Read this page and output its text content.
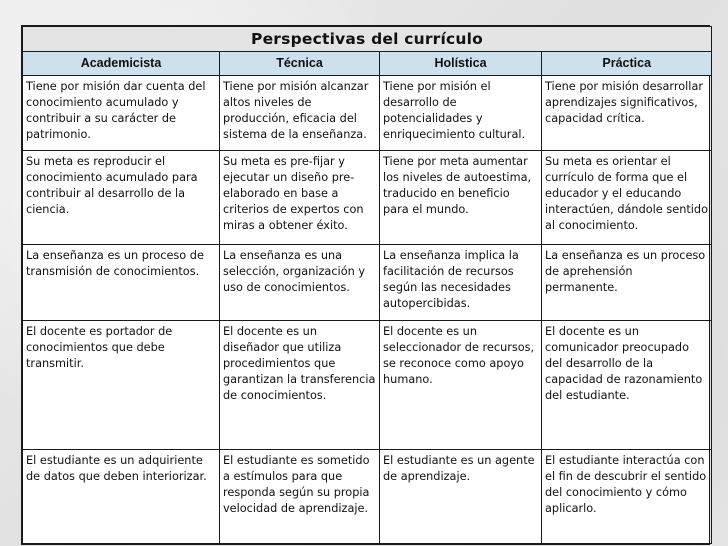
Perspectivas del currículo			
Academicista	Técnica	Holística	Práctica
Tiene por misión dar cuenta del conocimiento acumulado y contribuir a su carácter de patrimonio.	Tiene por misión alcanzar altos niveles de producción, eficacia del sistema de la enseñanza.	Tiene por misión el desarrollo de potencialidades y enriquecimiento cultural.	Tiene por misión desarrollar aprendizajes significativos, capacidad crítica.
Su meta es reproducir el conocimiento acumulado para contribuir al desarrollo de la ciencia.	Su meta es pre-fijar y ejecutar un diseño pre-elaborado en base a criterios de expertos con miras a obtener éxito.	Tiene por meta aumentar los niveles de autoestima, traducido en beneficio para el mundo.	Su meta es orientar el currículo de forma que el educador y el educando interactúen, dándole sentido al conocimiento.
La enseñanza es un proceso de transmisión de conocimientos.	La enseñanza es una selección, organización y uso de conocimientos.	La enseñanza implica la facilitación de recursos según las necesidades autopercibidas.	La enseñanza es un proceso de aprehensión permanente.
El docente es portador de conocimientos que debe transmitir.	El docente es un diseñador que utiliza procedimientos que garantizan la transferencia de conocimientos.	El docente es un seleccionador de recursos, se reconoce como apoyo humano.	El docente es un comunicador preocupado del desarrollo de la capacidad de razonamiento del estudiante.
El estudiante es un adquiriente de datos que deben interiorizar.	El estudiante es sometido a estímulos para que responda según su propia velocidad de aprendizaje.	El estudiante es un agente de aprendizaje.	El estudiante interactúa con el fin de descubrir el sentido del conocimiento y cómo aplicarlo.
